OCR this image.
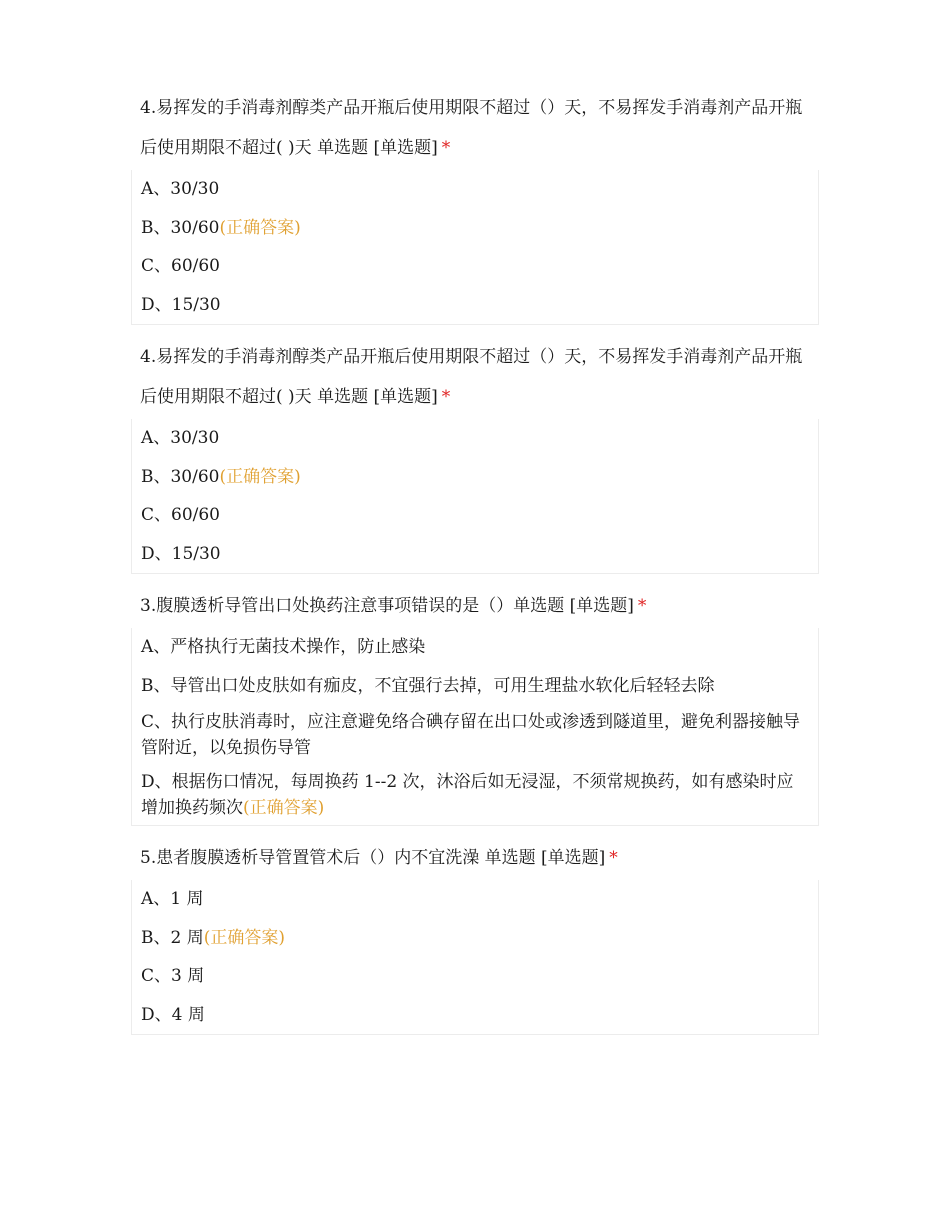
4.易挥发的手消毒剂醇类产品开瓶后使用期限不超过（）天，不易挥发手消毒剂产品开瓶后使用期限不超过( )天 单选题 [单选题] *
A、30/30
B、30/60(正确答案)
C、60/60
D、15/30
4.易挥发的手消毒剂醇类产品开瓶后使用期限不超过（）天，不易挥发手消毒剂产品开瓶后使用期限不超过( )天 单选题 [单选题] *
A、30/30
B、30/60(正确答案)
C、60/60
D、15/30
3.腹膜透析导管出口处换药注意事项错误的是（）单选题 [单选题] *
A、严格执行无菌技术操作，防止感染
B、导管出口处皮肤如有痂皮，不宜强行去掉，可用生理盐水软化后轻轻去除
C、执行皮肤消毒时，应注意避免络合碘存留在出口处或渗透到隧道里，避免利器接触导管附近，以免损伤导管
D、根据伤口情况，每周换药 1--2 次，沐浴后如无浸湿，不须常规换药，如有感染时应增加换药频次(正确答案)
5.患者腹膜透析导管置管术后（）内不宜洗澡 单选题 [单选题] *
A、1 周
B、2 周(正确答案)
C、3 周
D、4 周
